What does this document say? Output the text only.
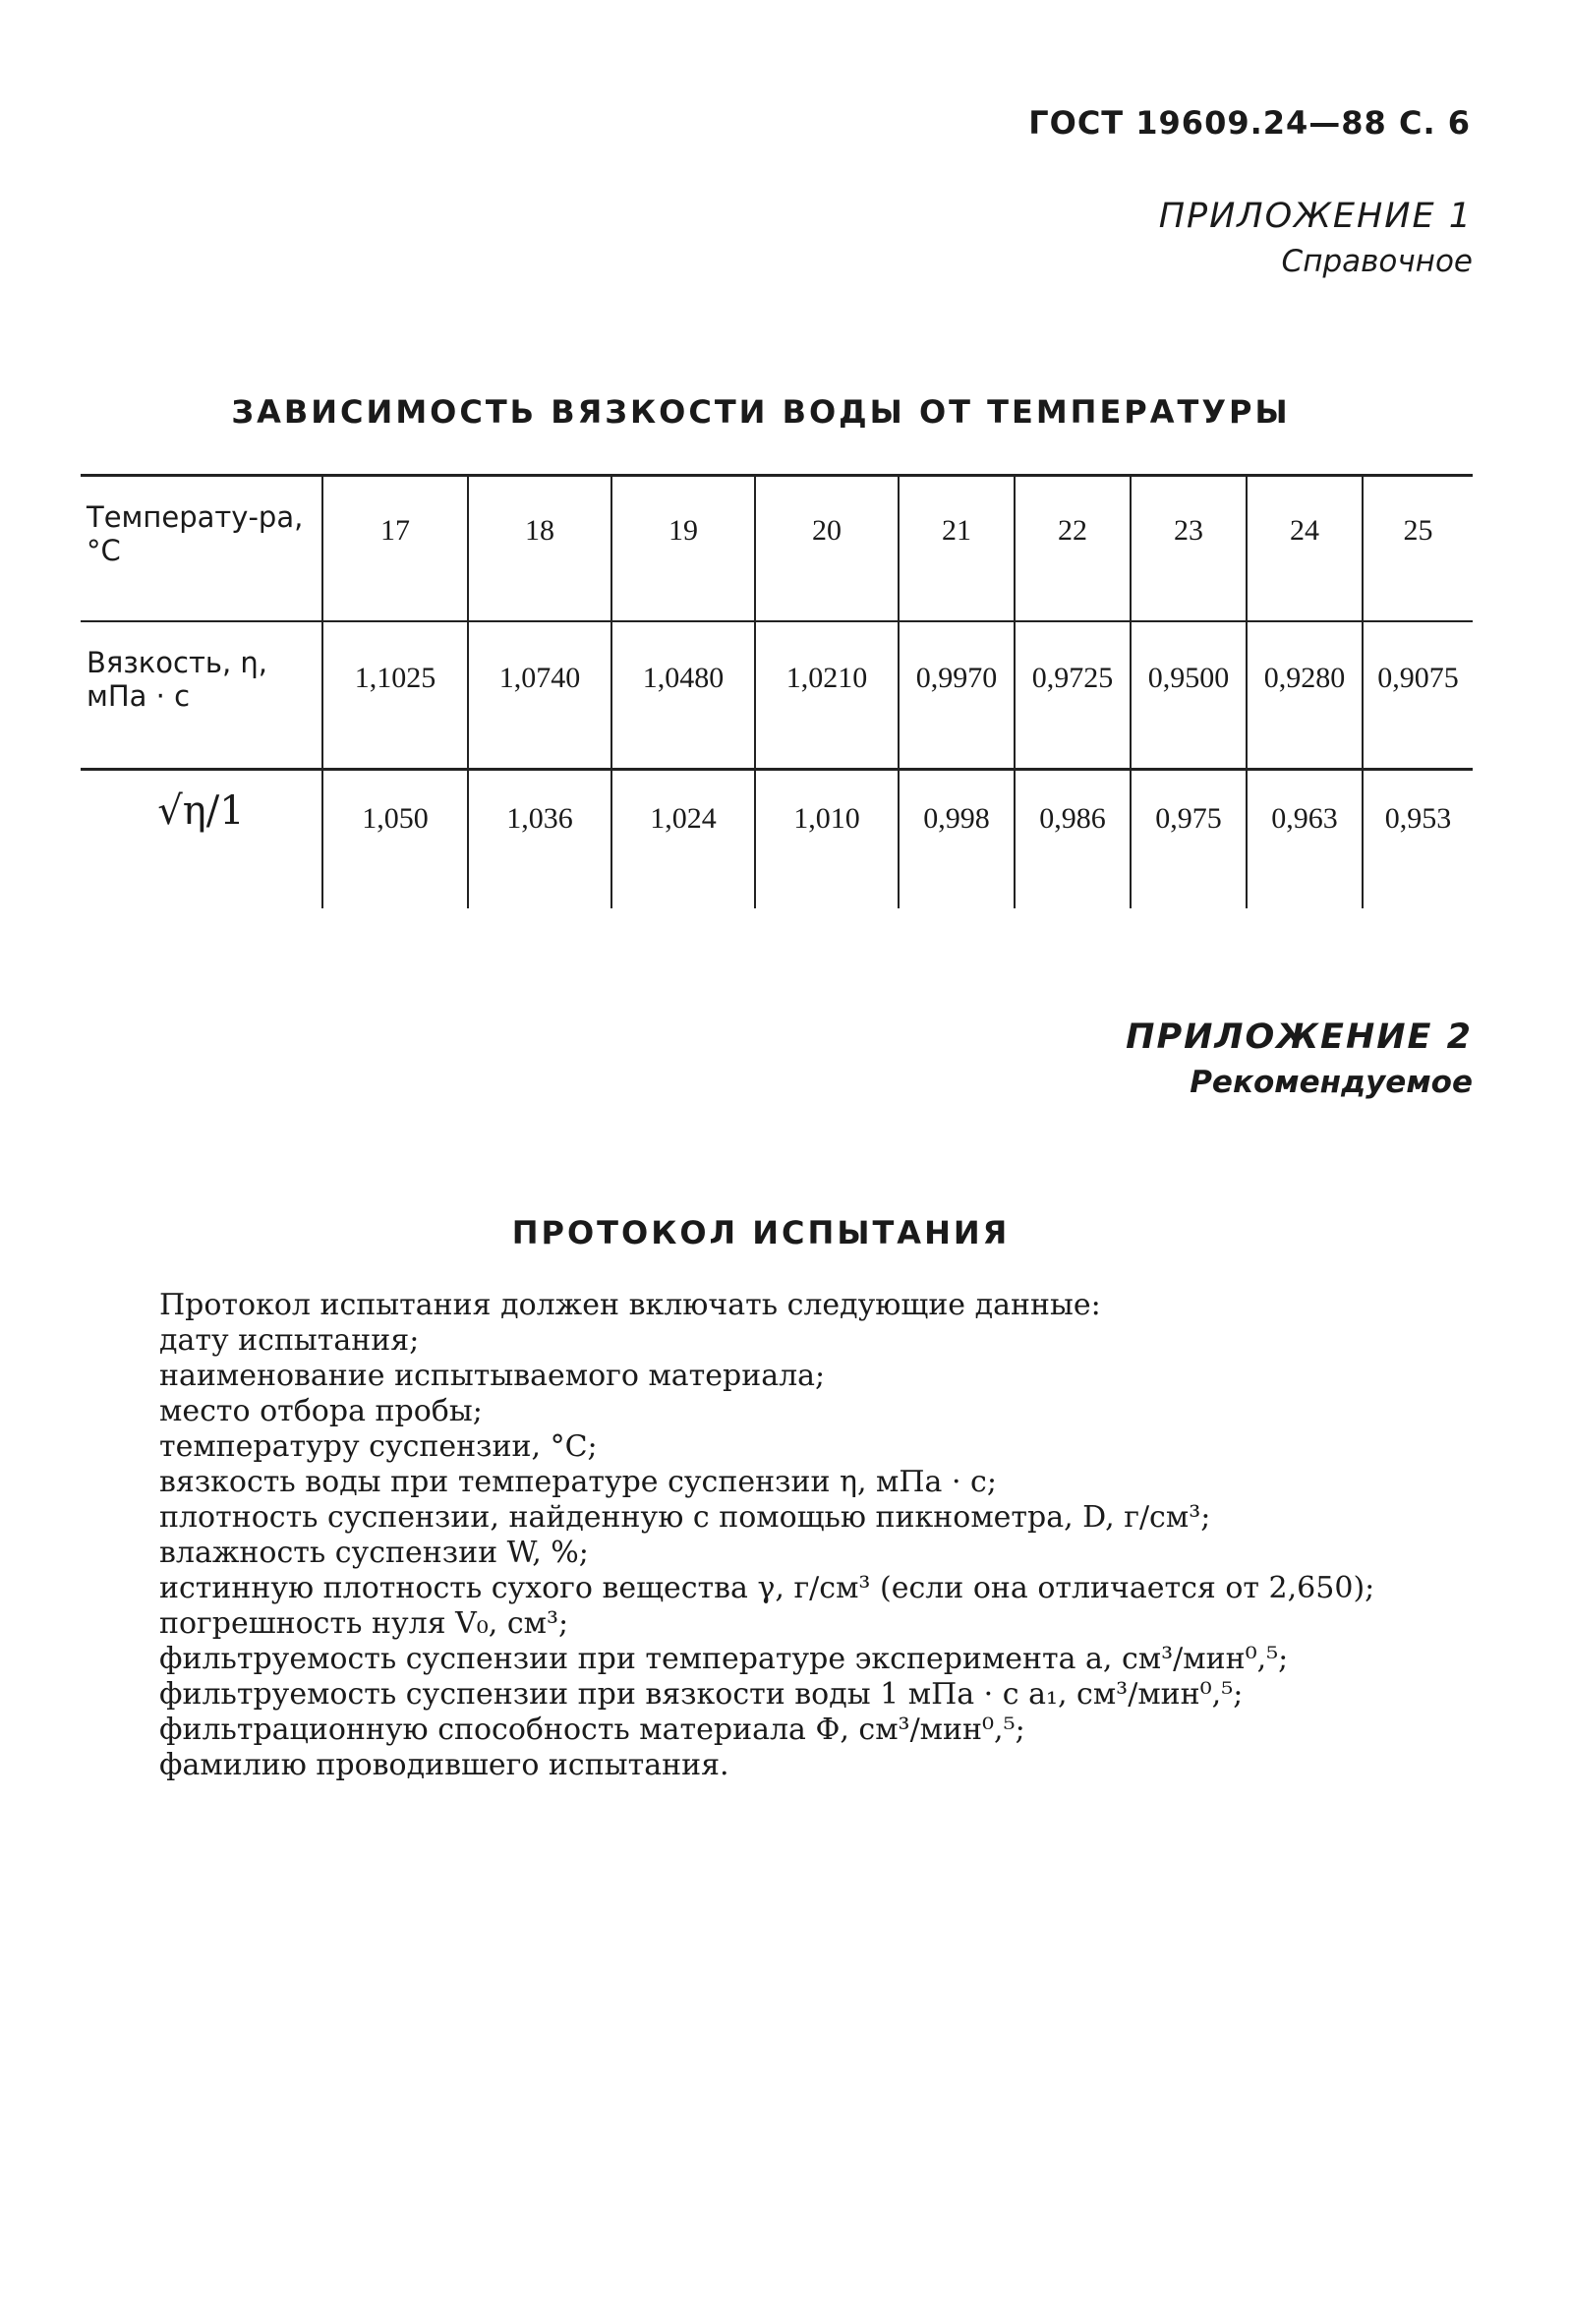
ГОСТ 19609.24—88 С. 6
ПРИЛОЖЕНИЕ 1
Справочное
ЗАВИСИМОСТЬ ВЯЗКОСТИ ВОДЫ ОТ ТЕМПЕРАТУРЫ
Температу-ра, °С	17	18	19	20	21	22	23	24	25
Вязкость, η, мПа · с	1,1025	1,0740	1,0480	1,0210	0,9970	0,9725	0,9500	0,9280	0,9075
√η/1	1,050	1,036	1,024	1,010	0,998	0,986	0,975	0,963	0,953
ПРИЛОЖЕНИЕ 2
Рекомендуемое
ПРОТОКОЛ ИСПЫТАНИЯ

Протокол испытания должен включать следующие данные:

дату испытания;

наименование испытываемого материала;

место отбора пробы;

температуру суспензии, °С;

вязкость воды при температуре суспензии η, мПа · с;

плотность суспензии, найденную с помощью пикнометра, D, г/см³;

влажность суспензии W, %;

истинную плотность сухого вещества γ, г/см³ (если она отличается от 2,650);

погрешность нуля V₀, см³;

фильтруемость суспензии при температуре эксперимента a, см³/мин⁰,⁵;

фильтруемость суспензии при вязкости воды 1 мПа · с a₁, см³/мин⁰,⁵;

фильтрационную способность материала Ф, см³/мин⁰,⁵;

фамилию проводившего испытания.
